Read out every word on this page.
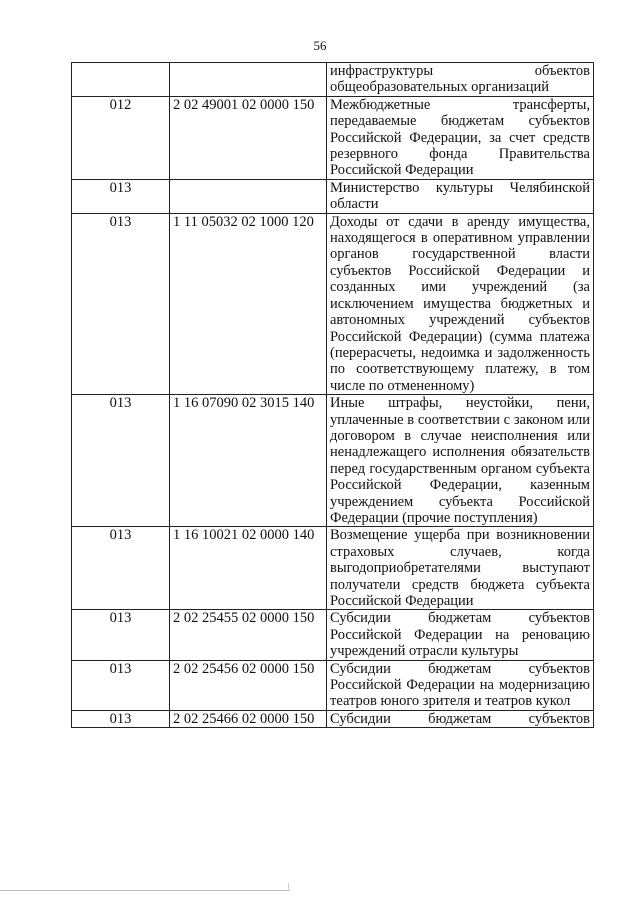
56
		инфраструктуры объектов общеобразовательных организаций
012	2 02 49001 02 0000 150	Межбюджетные трансферты, передаваемые бюджетам субъектов Российской Федерации, за счет средств резервного фонда Правительства Российской Федерации
013		Министерство культуры Челябинской области
013	1 11 05032 02 1000 120	Доходы от сдачи в аренду имущества, находящегося в оперативном управлении органов государственной власти субъектов Российской Федерации и созданных ими учреждений (за исключением имущества бюджетных и автономных учреждений субъектов Российской Федерации) (сумма платежа (перерасчеты, недоимка и задолженность по соответствующему платежу, в том числе по отмененному)
013	1 16 07090 02 3015 140	Иные штрафы, неустойки, пени, уплаченные в соответствии с законом или договором в случае неисполнения или ненадлежащего исполнения обязательств перед государственным органом субъекта Российской Федерации, казенным учреждением субъекта Российской Федерации (прочие поступления)
013	1 16 10021 02 0000 140	Возмещение ущерба при возникновении страховых случаев, когда выгодоприобретателями выступают получатели средств бюджета субъекта Российской Федерации
013	2 02 25455 02 0000 150	Субсидии бюджетам субъектов Российской Федерации на реновацию учреждений отрасли культуры
013	2 02 25456 02 0000 150	Субсидии бюджетам субъектов Российской Федерации на модернизацию театров юного зрителя и театров кукол
013	2 02 25466 02 0000 150	Субсидии бюджетам субъектов
